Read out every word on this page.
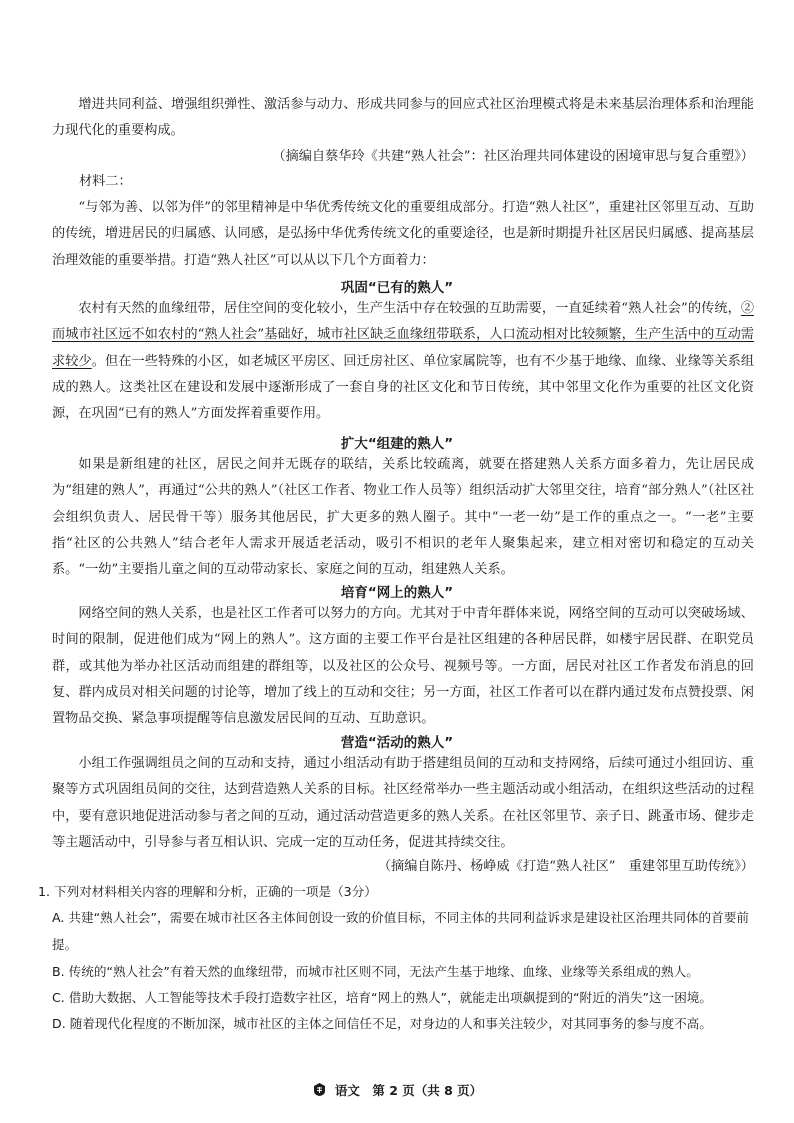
增进共同利益、增强组织弹性、激活参与动力、形成共同参与的回应式社区治理模式将是未来基层治理体系和治理能力现代化的重要构成。

（摘编自蔡华玲《共建“熟人社会”：社区治理共同体建设的困境审思与复合重塑》）

材料二：

“与邻为善、以邻为伴”的邻里精神是中华优秀传统文化的重要组成部分。打造“熟人社区”，重建社区邻里互动、互助的传统，增进居民的归属感、认同感，是弘扬中华优秀传统文化的重要途径，也是新时期提升社区居民归属感、提高基层治理效能的重要举措。打造“熟人社区”可以从以下几个方面着力：

巩固“已有的熟人”

农村有天然的血缘纽带，居住空间的变化较小，生产生活中存在较强的互助需要，一直延续着“熟人社会”的传统，②而城市社区远不如农村的“熟人社会”基础好，城市社区缺乏血缘纽带联系，人口流动相对比较频繁，生产生活中的互动需求较少。但在一些特殊的小区，如老城区平房区、回迁房社区、单位家属院等，也有不少基于地缘、血缘、业缘等关系组成的熟人。这类社区在建设和发展中逐渐形成了一套自身的社区文化和节日传统，其中邻里文化作为重要的社区文化资源，在巩固“已有的熟人”方面发挥着重要作用。

扩大“组建的熟人”

如果是新组建的社区，居民之间并无既存的联结，关系比较疏离，就要在搭建熟人关系方面多着力，先让居民成为“组建的熟人”，再通过“公共的熟人”（社区工作者、物业工作人员等）组织活动扩大邻里交往，培育“部分熟人”（社区社会组织负责人、居民骨干等）服务其他居民，扩大更多的熟人圈子。其中“一老一幼”是工作的重点之一。“一老”主要指“社区的公共熟人”结合老年人需求开展适老活动，吸引不相识的老年人聚集起来，建立相对密切和稳定的互动关系。“一幼”主要指儿童之间的互动带动家长、家庭之间的互动，组建熟人关系。

培育“网上的熟人”

网络空间的熟人关系，也是社区工作者可以努力的方向。尤其对于中青年群体来说，网络空间的互动可以突破场域、时间的限制，促进他们成为“网上的熟人”。这方面的主要工作平台是社区组建的各种居民群，如楼宇居民群、在职党员群，或其他为举办社区活动而组建的群组等，以及社区的公众号、视频号等。一方面，居民对社区工作者发布消息的回复、群内成员对相关问题的讨论等，增加了线上的互动和交往；另一方面，社区工作者可以在群内通过发布点赞投票、闲置物品交换、紧急事项提醒等信息激发居民间的互动、互助意识。

营造“活动的熟人”

小组工作强调组员之间的互动和支持，通过小组活动有助于搭建组员间的互动和支持网络，后续可通过小组回访、重聚等方式巩固组员间的交往，达到营造熟人关系的目标。社区经常举办一些主题活动或小组活动，在组织这些活动的过程中，要有意识地促进活动参与者之间的互动，通过活动营造更多的熟人关系。在社区邻里节、亲子日、跳蚤市场、健步走等主题活动中，引导参与者互相认识、完成一定的互动任务，促进其持续交往。

（摘编自陈丹、杨峥威《打造“熟人社区”　重建邻里互助传统》）

1. 下列对材料相关内容的理解和分析，正确的一项是（3分）

A. 共建“熟人社会”，需要在城市社区各主体间创设一致的价值目标，不同主体的共同利益诉求是建设社区治理共同体的首要前提。

B. 传统的“熟人社会”有着天然的血缘纽带，而城市社区则不同，无法产生基于地缘、血缘、业缘等关系组成的熟人。

C. 借助大数据、人工智能等技术手段打造数字社区，培育“网上的熟人”，就能走出项飙提到的“附近的消失”这一困境。

D. 随着现代化程度的不断加深，城市社区的主体之间信任不足，对身边的人和事关注较少，对其同事务的参与度不高。

语文　第 2 页（共 8 页）
